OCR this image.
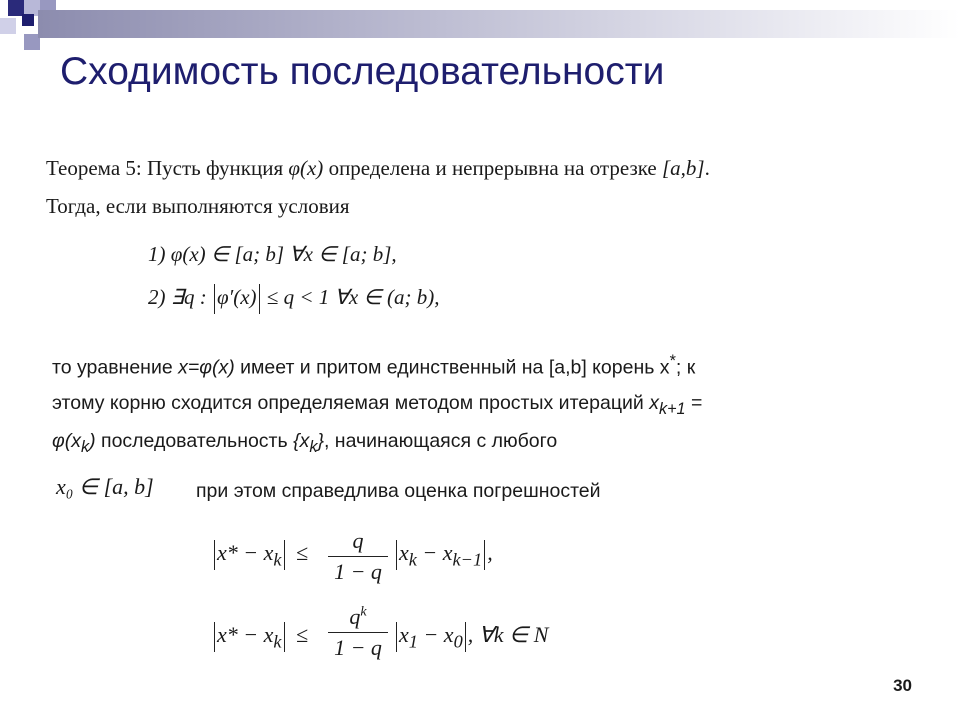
Сходимость последовательности
Теорема 5: Пусть функция φ(x) определена и непрерывна на отрезке [a,b].
Тогда, если выполняются условия
1) φ(x) ∈ [a; b] ∀x ∈ [a; b],
2) ∃q : φ′(x) ≤ q < 1 ∀x ∈ (a; b),
то уравнение x=φ(x) имеет и притом единственный на [a,b] корень x*; к
этому корню сходится определяемая методом простых итераций $x_{k+1}$ =
$\varphi(x_k)$ последовательность $\{x_k\}$, начинающаяся с любого
x₀ ∈ [a, b] при этом справедлива оценка погрешностей
$x* - x_k$ ≤	q
1 − q
$x_k - x_{k-1}$ ,
$x* - x_k$ ≤
$q^k$
1 − q
$x_1 - x_0$ , ∀k ∈ N
30
